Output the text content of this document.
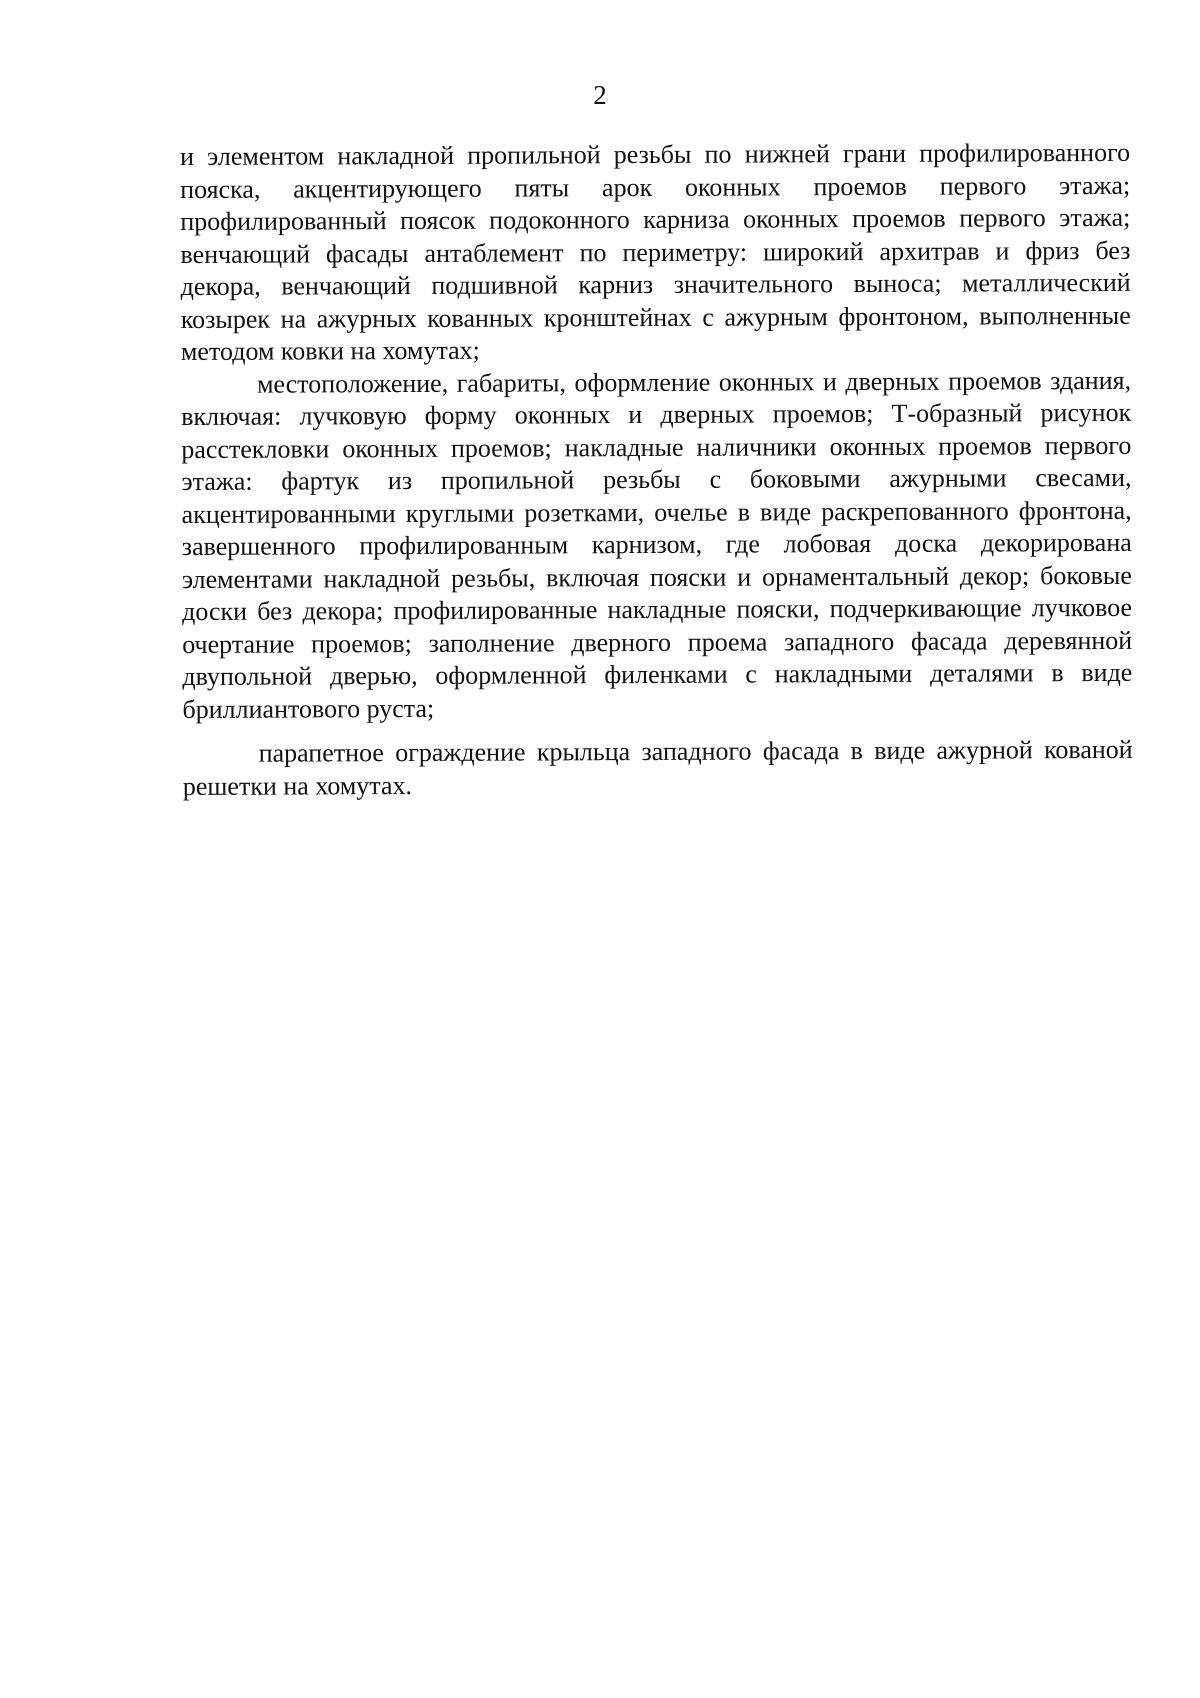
2

и элементом накладной пропильной резьбы по нижней грани профилированного пояска, акцентирующего пяты арок оконных проемов первого этажа; профилированный поясок подоконного карниза оконных проемов первого этажа; венчающий фасады антаблемент по периметру: широкий архитрав и фриз без декора, венчающий подшивной карниз значительного выноса; металлический козырек на ажурных кованных кронштейнах с ажурным фронтоном, выполненные методом ковки на хомутах;

местоположение, габариты, оформление оконных и дверных проемов здания, включая: лучковую форму оконных и дверных проемов; Т-образный рисунок расстекловки оконных проемов; накладные наличники оконных проемов первого этажа: фартук из пропильной резьбы с боковыми ажурными свесами, акцентированными круглыми розетками, очелье в виде раскрепованного фронтона, завершенного профилированным карнизом, где лобовая доска декорирована элементами накладной резьбы, включая пояски и орнаментальный декор; боковые доски без декора; профилированные накладные пояски, подчеркивающие лучковое очертание проемов; заполнение дверного проема западного фасада деревянной двупольной дверью, оформленной филенками с накладными деталями в виде бриллиантового руста;

парапетное ограждение крыльца западного фасада в виде ажурной кованой решетки на хомутах.
